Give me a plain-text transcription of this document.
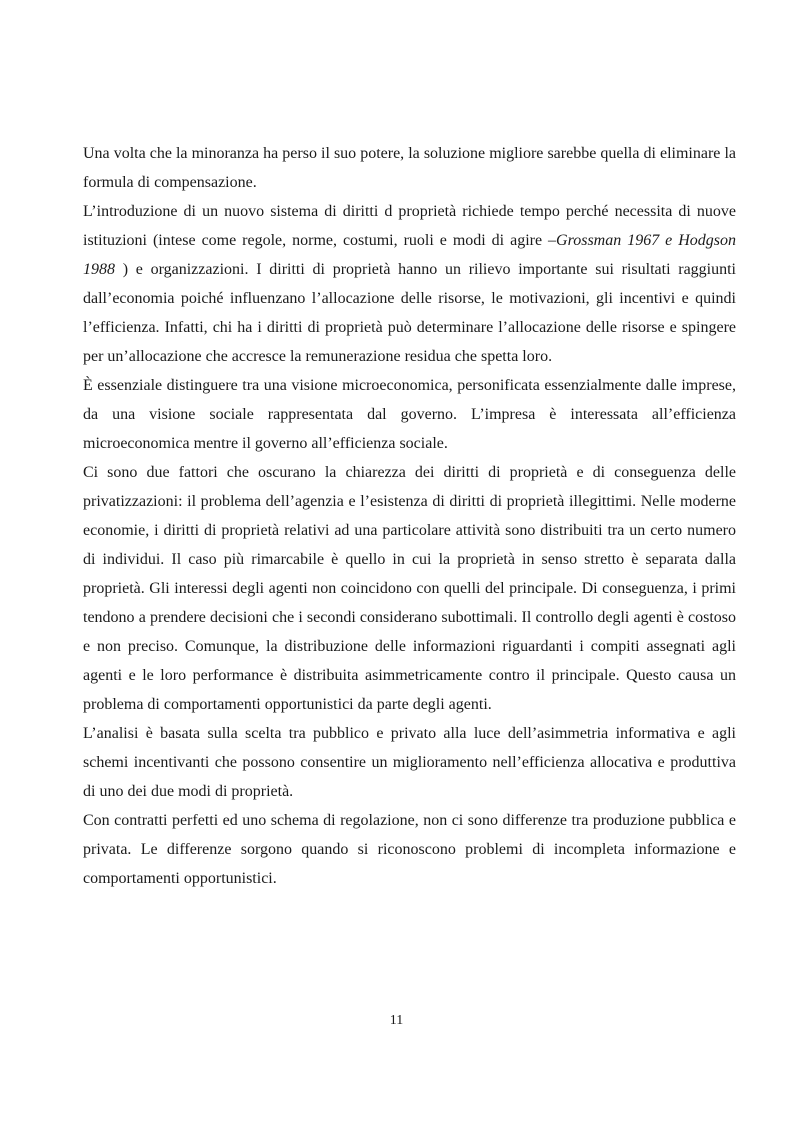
Una volta che la minoranza ha perso il suo potere, la soluzione migliore sarebbe quella di eliminare la formula di compensazione.

L’introduzione di un nuovo sistema di diritti d proprietà richiede tempo perché necessita di nuove istituzioni (intese come regole, norme, costumi, ruoli e modi di agire –Grossman 1967 e Hodgson 1988 ) e organizzazioni. I diritti di proprietà hanno un rilievo importante sui risultati raggiunti dall’economia poiché influenzano l’allocazione delle risorse, le motivazioni, gli incentivi e quindi l’efficienza. Infatti, chi ha i diritti di proprietà può determinare l’allocazione delle risorse e spingere per un’allocazione che accresce la remunerazione residua che spetta loro.

È essenziale distinguere tra una visione microeconomica, personificata essenzialmente dalle imprese, da una visione sociale rappresentata dal governo. L’impresa è interessata all’efficienza microeconomica mentre il governo all’efficienza sociale.

Ci sono due fattori che oscurano la chiarezza dei diritti di proprietà e di conseguenza delle privatizzazioni: il problema dell’agenzia e l’esistenza di diritti di proprietà illegittimi. Nelle moderne economie, i diritti di proprietà relativi ad una particolare attività sono distribuiti tra un certo numero di individui. Il caso più rimarcabile è quello in cui la proprietà in senso stretto è separata dalla proprietà. Gli interessi degli agenti non coincidono con quelli del principale. Di conseguenza, i primi tendono a prendere decisioni che i secondi considerano subottimali. Il controllo degli agenti è costoso e non preciso. Comunque, la distribuzione delle informazioni riguardanti i compiti assegnati agli agenti e le loro performance è distribuita asimmetricamente contro il principale. Questo causa un problema di comportamenti opportunistici da parte degli agenti.

L’analisi è basata sulla scelta tra pubblico e privato alla luce dell’asimmetria informativa e agli schemi incentivanti che possono consentire un miglioramento nell’efficienza allocativa e produttiva di uno dei due modi di proprietà.

Con contratti perfetti ed uno schema di regolazione, non ci sono differenze tra produzione pubblica e privata. Le differenze sorgono quando si riconoscono problemi di incompleta informazione e comportamenti opportunistici.

11
